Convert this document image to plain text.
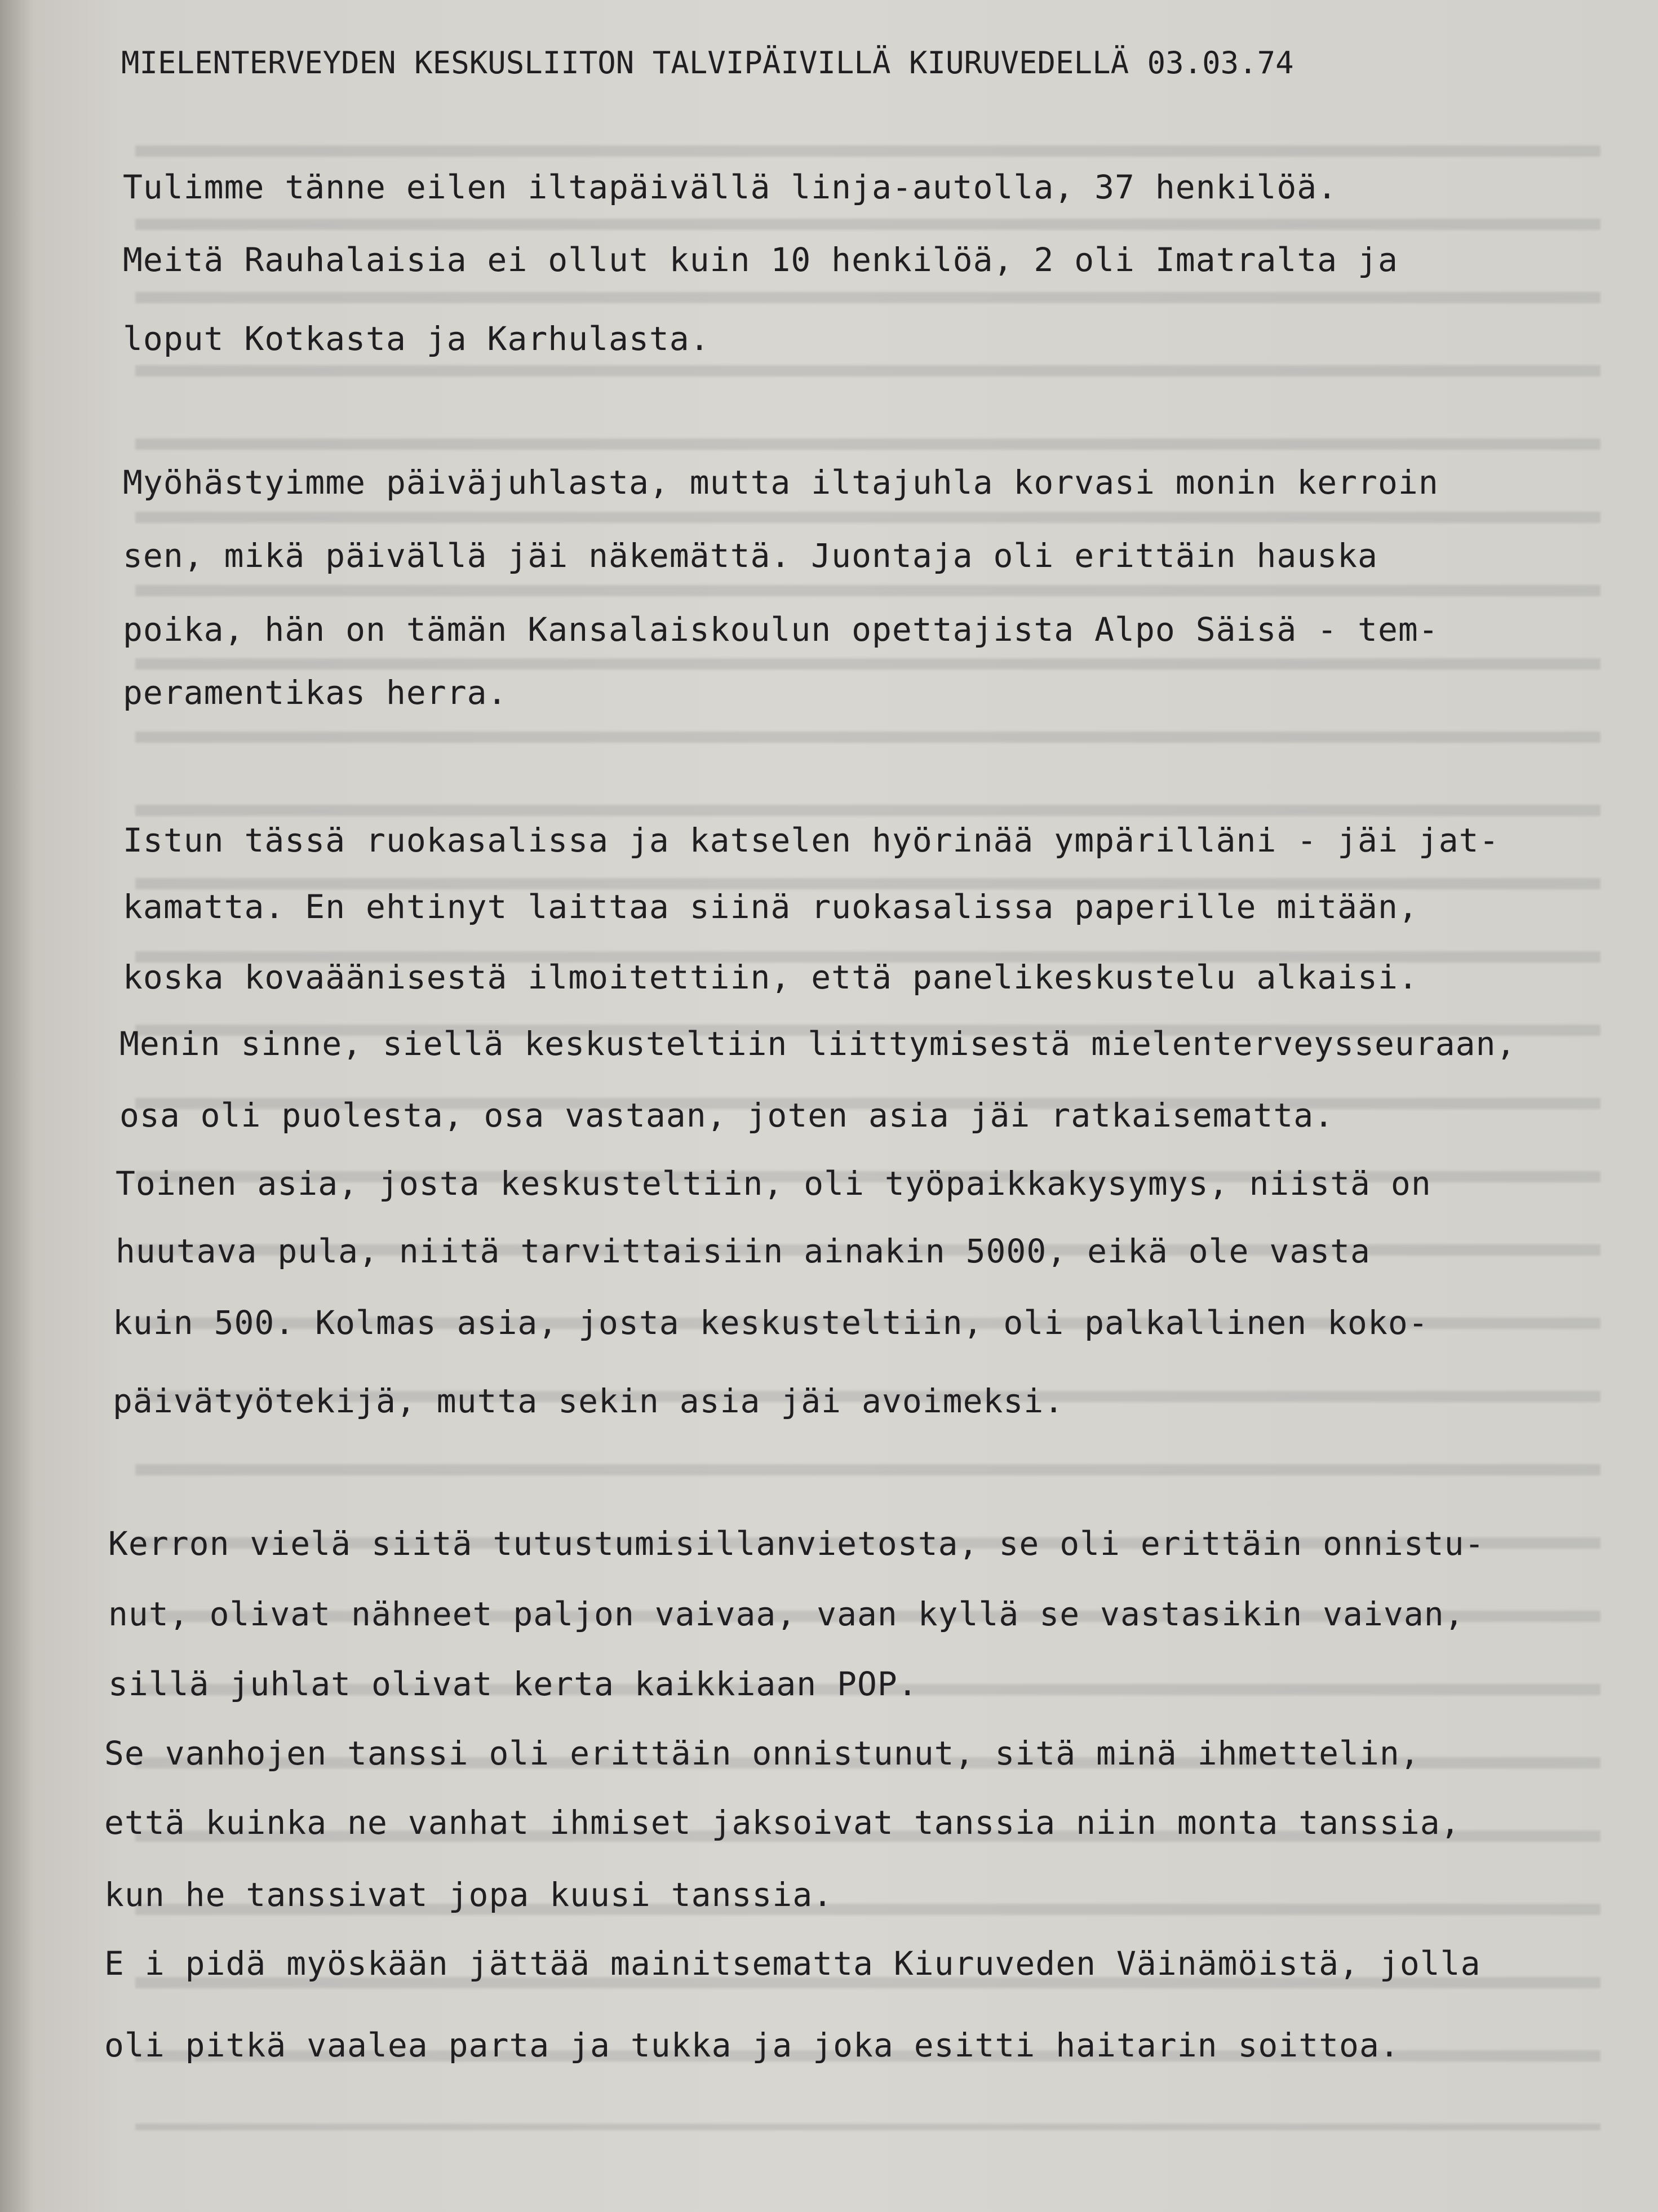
MIELENTERVEYDEN KESKUSLIITON TALVIPÄIVILLÄ KIURUVEDELLÄ 03.03.74
Tulimme tänne eilen iltapäivällä linja-autolla, 37 henkilöä.
Meitä Rauhalaisia ei ollut kuin 10 henkilöä, 2 oli Imatralta ja
loput Kotkasta ja Karhulasta.
Myöhästyimme päiväjuhlasta, mutta iltajuhla korvasi monin kerroin
sen, mikä päivällä jäi näkemättä. Juontaja oli erittäin hauska
poika, hän on tämän Kansalaiskoulun opettajista Alpo Säisä - tem-
peramentikas herra.
Istun tässä ruokasalissa ja katselen hyörinää ympärilläni - jäi jat-
kamatta. En ehtinyt laittaa siinä ruokasalissa paperille mitään,
koska kovaäänisestä ilmoitettiin, että panelikeskustelu alkaisi.
Menin sinne, siellä keskusteltiin liittymisestä mielenterveysseuraan,
osa oli puolesta, osa vastaan, joten asia jäi ratkaisematta.
Toinen asia, josta keskusteltiin, oli työpaikkakysymys, niistä on
huutava pula, niitä tarvittaisiin ainakin 5000, eikä ole vasta
kuin 500. Kolmas asia, josta keskusteltiin, oli palkallinen koko-
päivätyötekijä, mutta sekin asia jäi avoimeksi.
Kerron vielä siitä tutustumisillanvietosta, se oli erittäin onnistu-
nut, olivat nähneet paljon vaivaa, vaan kyllä se vastasikin vaivan,
sillä juhlat olivat kerta kaikkiaan POP.
Se vanhojen tanssi oli erittäin onnistunut, sitä minä ihmettelin,
että kuinka ne vanhat ihmiset jaksoivat tanssia niin monta tanssia,
kun he tanssivat jopa kuusi tanssia.
E i pidä myöskään jättää mainitsematta Kiuruveden Väinämöistä, jolla
oli pitkä vaalea parta ja tukka ja joka esitti haitarin soittoa.
